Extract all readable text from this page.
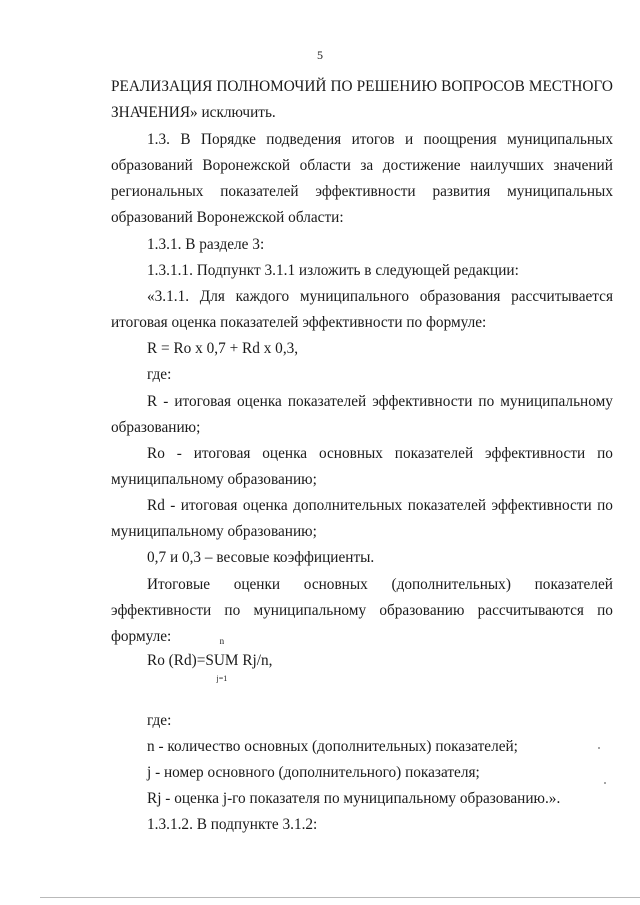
5
РЕАЛИЗАЦИЯ ПОЛНОМОЧИЙ ПО РЕШЕНИЮ ВОПРОСОВ МЕСТНОГО
ЗНАЧЕНИЯ» исключить.
1.3. В Порядке подведения итогов и поощрения муниципальных
образований Воронежской области за достижение наилучших значений
региональных показателей эффективности развития муниципальных
образований Воронежской области:
1.3.1. В разделе 3:
1.3.1.1. Подпункт 3.1.1 изложить в следующей редакции:
«3.1.1. Для каждого муниципального образования рассчитывается
итоговая оценка показателей эффективности по формуле:
R = Ro x 0,7 + Rd x 0,3,
где:
R - итоговая оценка показателей эффективности по муниципальному
образованию;
Ro - итоговая оценка основных показателей эффективности по
муниципальному образованию;
Rd - итоговая оценка дополнительных показателей эффективности по
муниципальному образованию;
0,7 и 0,3 – весовые коэффициенты.
Итоговые оценки основных (дополнительных) показателей
эффективности по муниципальному образованию рассчитываются по
формуле:
где:
n - количество основных (дополнительных) показателей;
j - номер основного (дополнительного) показателя;
Rj - оценка j-го показателя по муниципальному образованию.».
1.3.1.2. В подпункте 3.1.2:
Ro (Rd)=
n
SUM
j=1
Rj/n,
